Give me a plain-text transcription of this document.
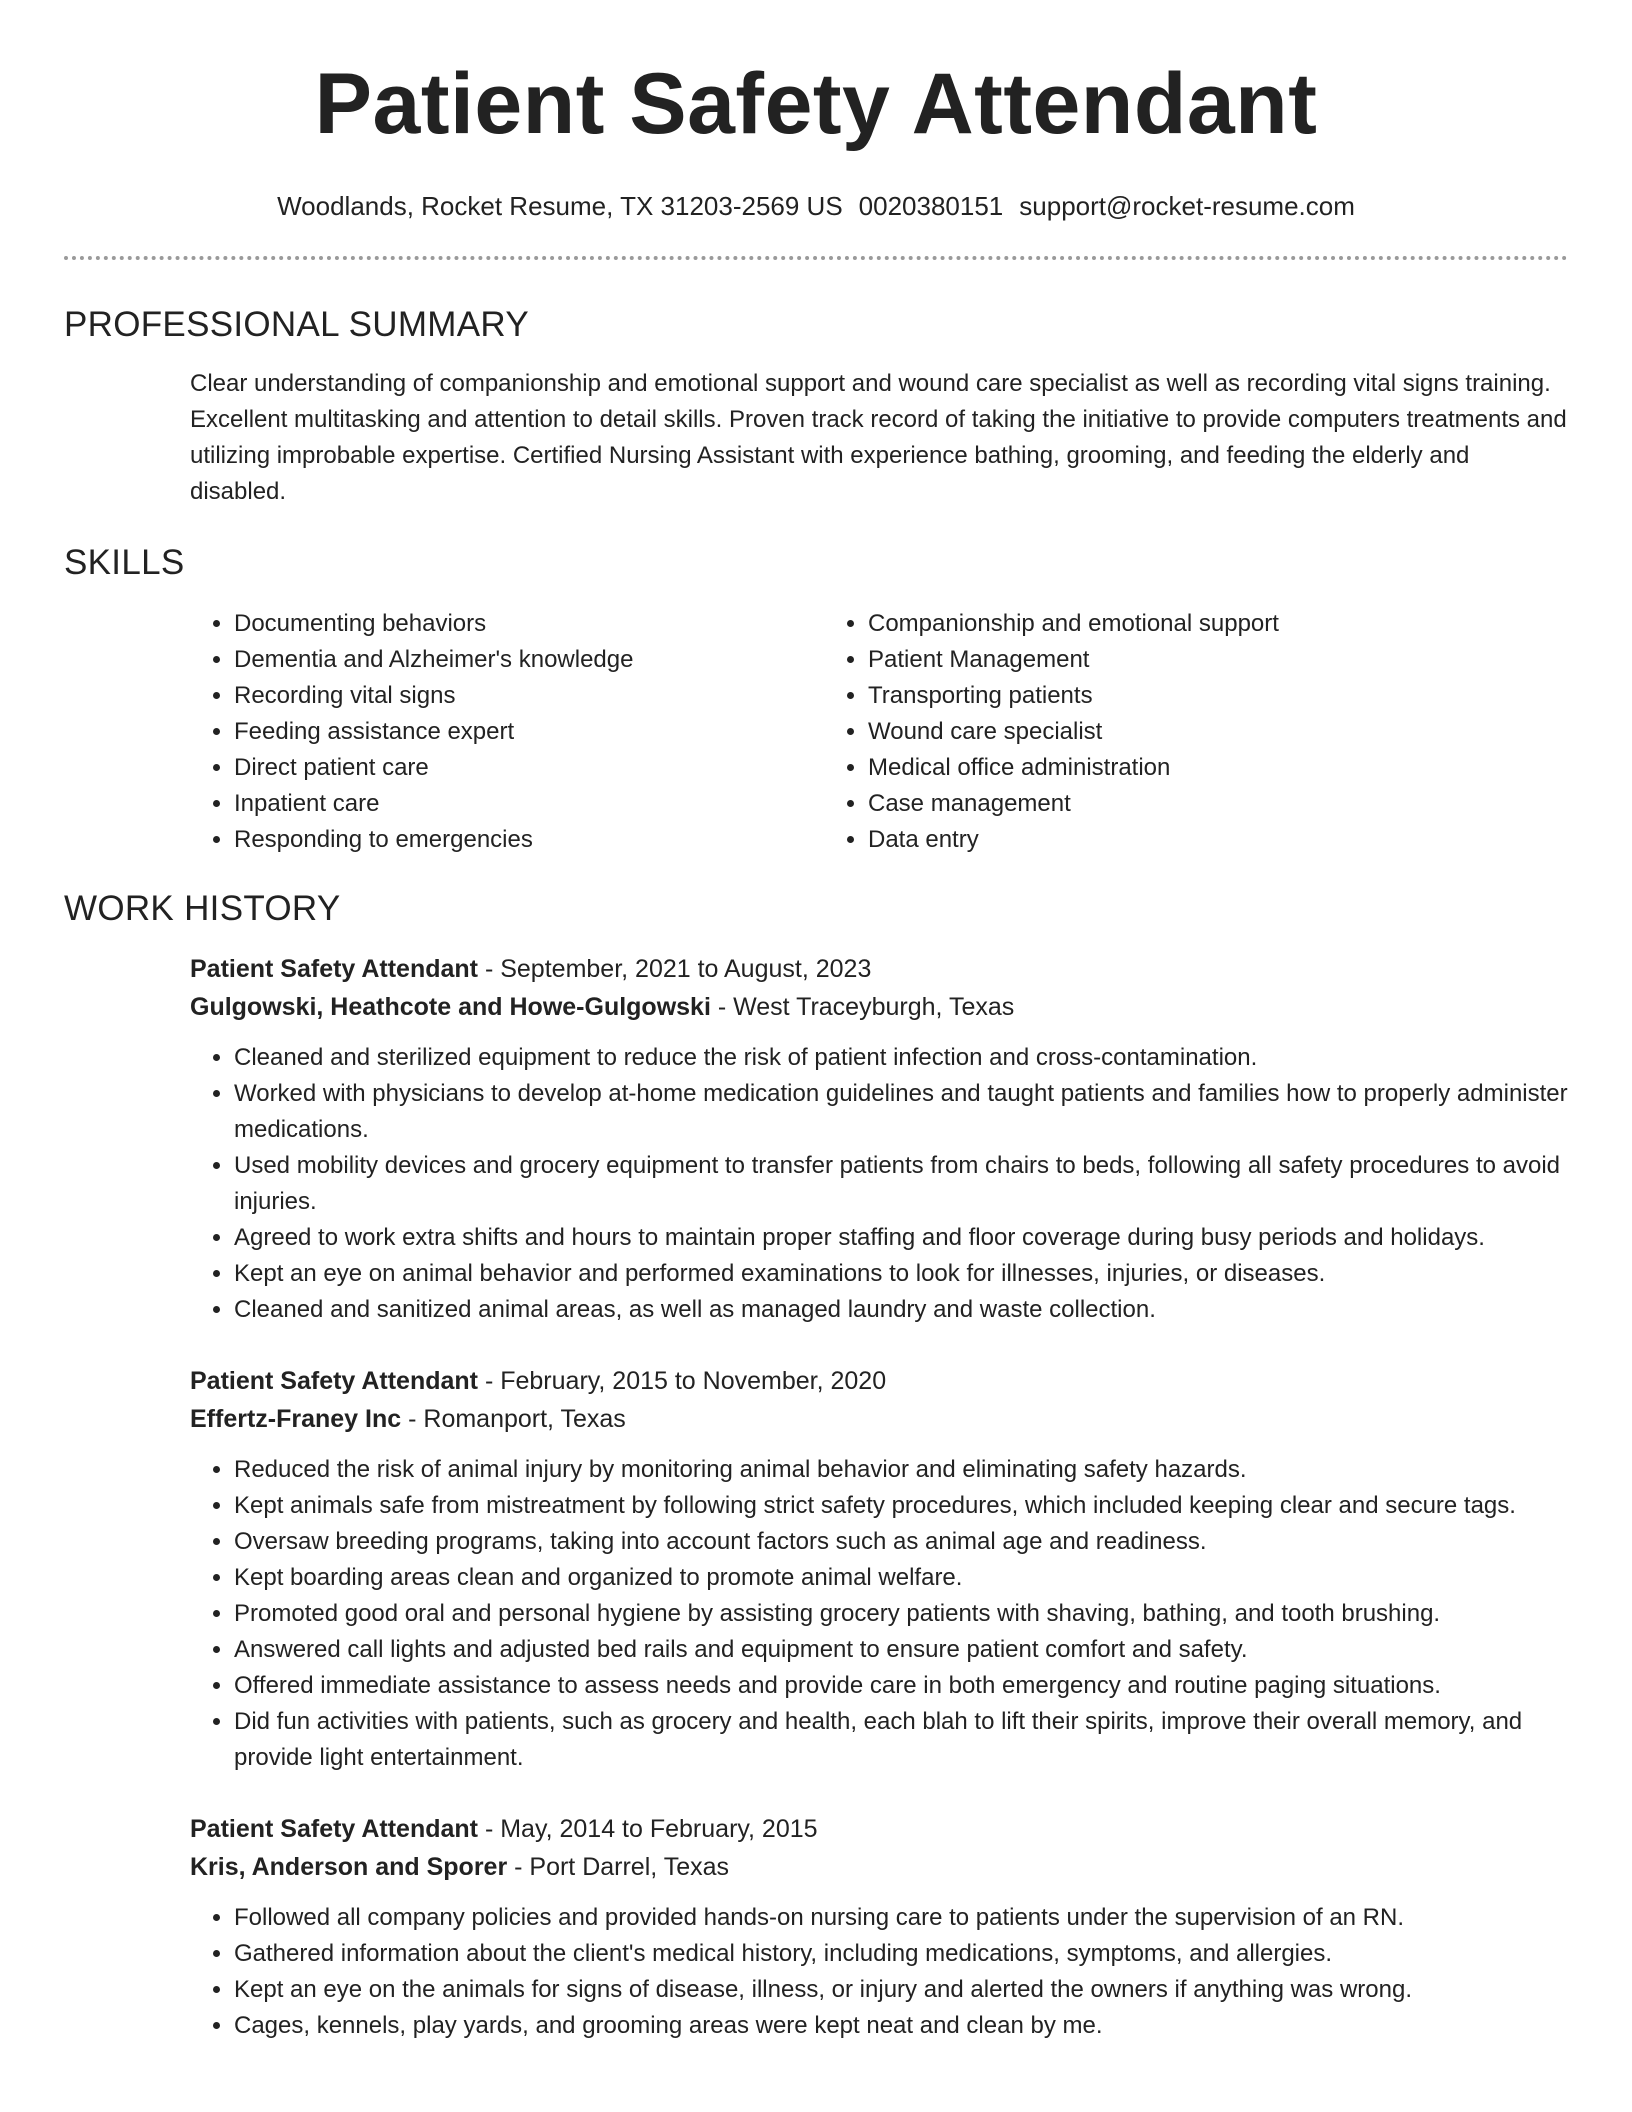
Patient Safety Attendant
Woodlands, Rocket Resume, TX 31203-2569 US 0020380151 support@rocket-resume.com
PROFESSIONAL SUMMARY

Clear understanding of companionship and emotional support and wound care specialist as well as recording vital signs training. Excellent multitasking and attention to detail skills. Proven track record of taking the initiative to provide computers treatments and utilizing improbable expertise. Certified Nursing Assistant with experience bathing, grooming, and feeding the elderly and disabled.

SKILLS
• Documenting behaviors
• Dementia and Alzheimer's knowledge
• Recording vital signs
• Feeding assistance expert
• Direct patient care
• Inpatient care
• Responding to emergencies
• Companionship and emotional support
• Patient Management
• Transporting patients
• Wound care specialist
• Medical office administration
• Case management
• Data entry
WORK HISTORY
Patient Safety Attendant - September, 2021 to August, 2023
Gulgowski, Heathcote and Howe-Gulgowski - West Traceyburgh, Texas
• Cleaned and sterilized equipment to reduce the risk of patient infection and cross-contamination.
• Worked with physicians to develop at-home medication guidelines and taught patients and families how to properly administer medications.
• Used mobility devices and grocery equipment to transfer patients from chairs to beds, following all safety procedures to avoid injuries.
• Agreed to work extra shifts and hours to maintain proper staffing and floor coverage during busy periods and holidays.
• Kept an eye on animal behavior and performed examinations to look for illnesses, injuries, or diseases.
• Cleaned and sanitized animal areas, as well as managed laundry and waste collection.
Patient Safety Attendant - February, 2015 to November, 2020
Effertz-Franey Inc - Romanport, Texas
• Reduced the risk of animal injury by monitoring animal behavior and eliminating safety hazards.
• Kept animals safe from mistreatment by following strict safety procedures, which included keeping clear and secure tags.
• Oversaw breeding programs, taking into account factors such as animal age and readiness.
• Kept boarding areas clean and organized to promote animal welfare.
• Promoted good oral and personal hygiene by assisting grocery patients with shaving, bathing, and tooth brushing.
• Answered call lights and adjusted bed rails and equipment to ensure patient comfort and safety.
• Offered immediate assistance to assess needs and provide care in both emergency and routine paging situations.
• Did fun activities with patients, such as grocery and health, each blah to lift their spirits, improve their overall memory, and provide light entertainment.
Patient Safety Attendant - May, 2014 to February, 2015
Kris, Anderson and Sporer - Port Darrel, Texas
• Followed all company policies and provided hands-on nursing care to patients under the supervision of an RN.
• Gathered information about the client's medical history, including medications, symptoms, and allergies.
• Kept an eye on the animals for signs of disease, illness, or injury and alerted the owners if anything was wrong.
• Cages, kennels, play yards, and grooming areas were kept neat and clean by me.
